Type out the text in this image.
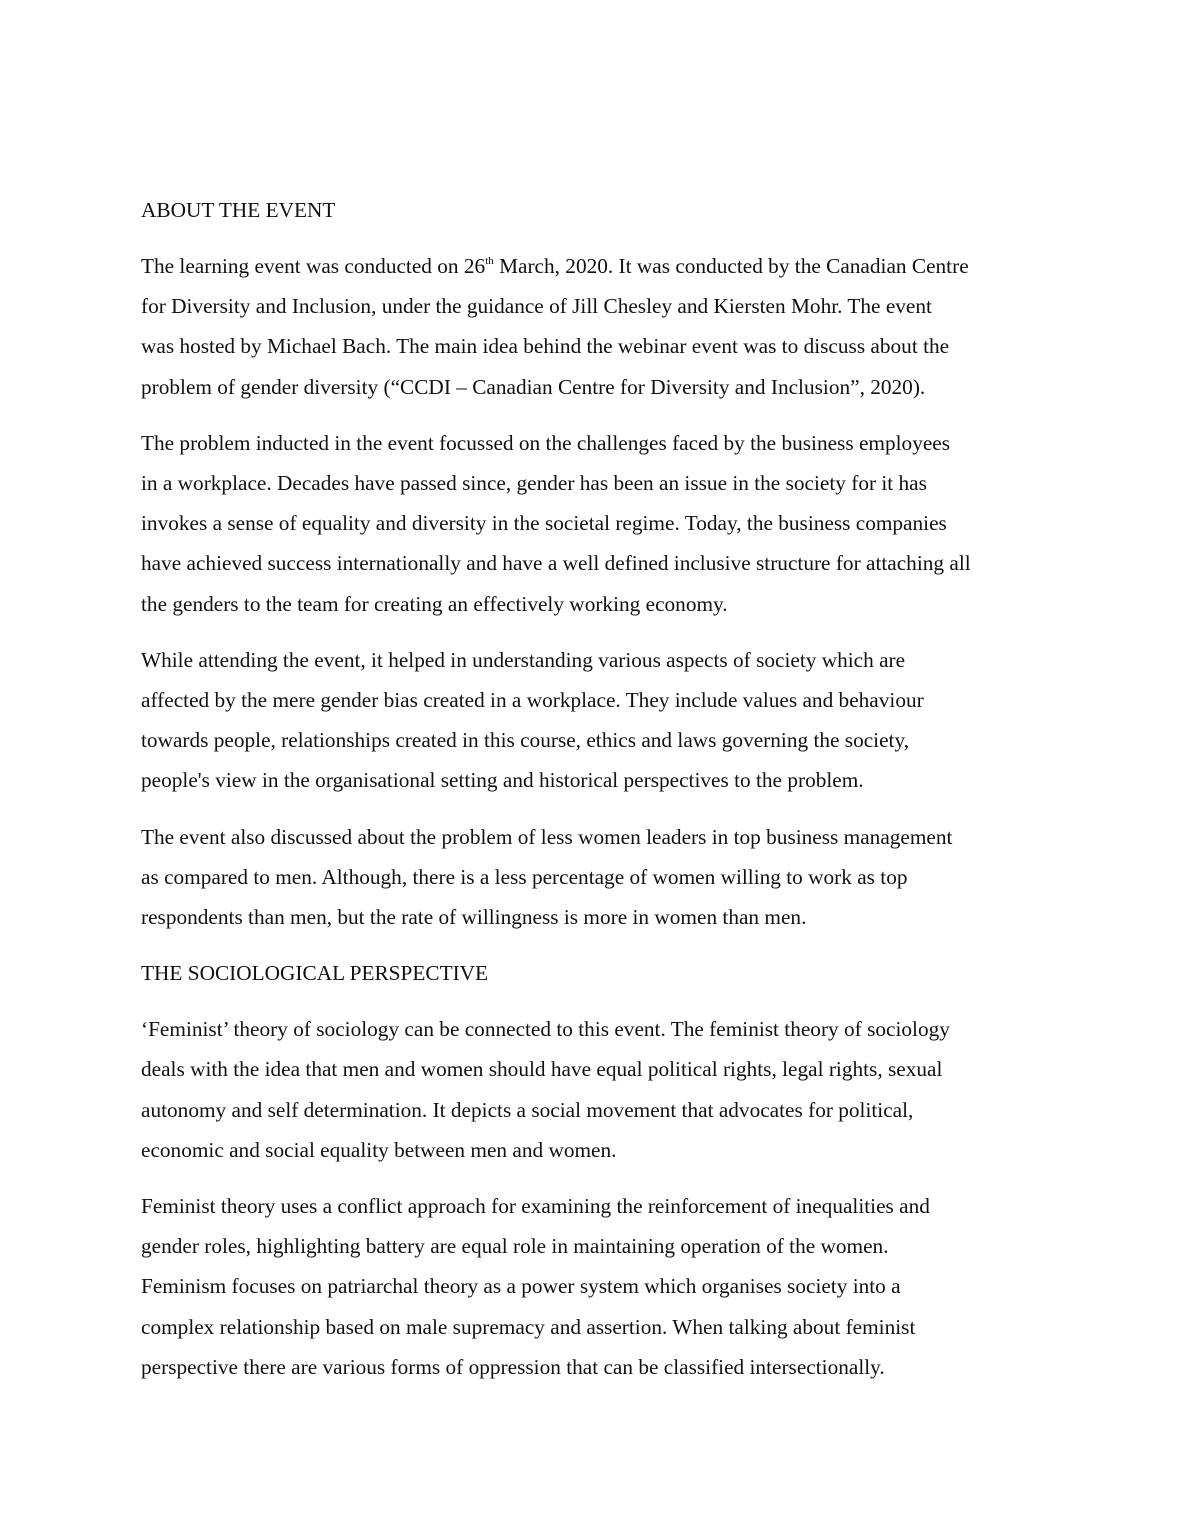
ABOUT THE EVENT

The learning event was conducted on 26th March, 2020. It was conducted by the Canadian Centre
for Diversity and Inclusion, under the guidance of Jill Chesley and Kiersten Mohr. The event
was hosted by Michael Bach. The main idea behind the webinar event was to discuss about the
problem of gender diversity (“CCDI – Canadian Centre for Diversity and Inclusion”, 2020).

The problem inducted in the event focussed on the challenges faced by the business employees
in a workplace. Decades have passed since, gender has been an issue in the society for it has
invokes a sense of equality and diversity in the societal regime. Today, the business companies
have achieved success internationally and have a well defined inclusive structure for attaching all
the genders to the team for creating an effectively working economy.

While attending the event, it helped in understanding various aspects of society which are
affected by the mere gender bias created in a workplace. They include values and behaviour
towards people, relationships created in this course, ethics and laws governing the society,
people's view in the organisational setting and historical perspectives to the problem.

The event also discussed about the problem of less women leaders in top business management
as compared to men. Although, there is a less percentage of women willing to work as top
respondents than men, but the rate of willingness is more in women than men.

THE SOCIOLOGICAL PERSPECTIVE

‘Feminist’ theory of sociology can be connected to this event. The feminist theory of sociology
deals with the idea that men and women should have equal political rights, legal rights, sexual
autonomy and self determination. It depicts a social movement that advocates for political,
economic and social equality between men and women.

Feminist theory uses a conflict approach for examining the reinforcement of inequalities and
gender roles, highlighting battery are equal role in maintaining operation of the women.
Feminism focuses on patriarchal theory as a power system which organises society into a
complex relationship based on male supremacy and assertion. When talking about feminist
perspective there are various forms of oppression that can be classified intersectionally.
